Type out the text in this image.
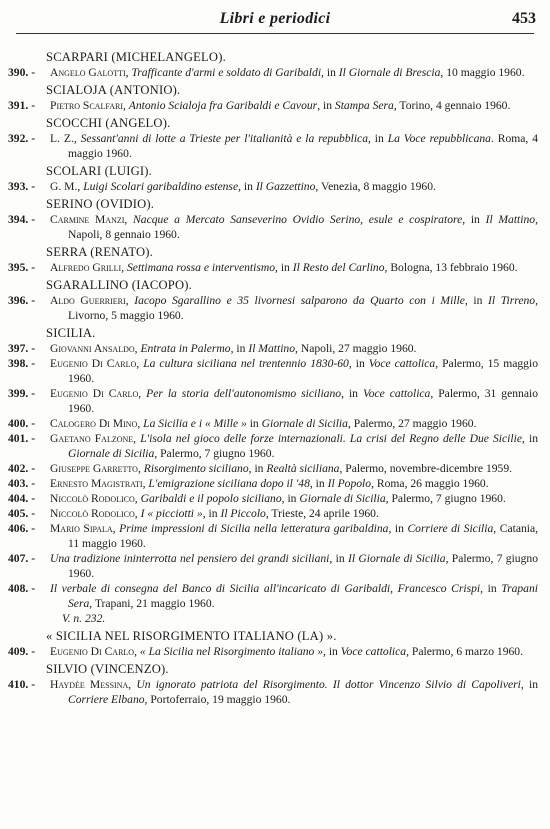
Libri e periodici	453
SCARPARI (MICHELANGELO).
390. - Angelo Galotti, Trafficante d'armi e soldato di Garibaldi, in Il Giornale di Brescia, 10 maggio 1960.
SCIALOJA (ANTONIO).
391. - Pietro Scalfari, Antonio Scialoja fra Garibaldi e Cavour, in Stampa Sera, Torino, 4 gennaio 1960.
SCOCCHI (ANGELO).
392. - L. Z., Sessant'anni di lotte a Trieste per l'italianità e la repubblica, in La Voce repubblicana. Roma, 4 maggio 1960.
SCOLARI (LUIGI).
393. - G. M., Luigi Scolari garibaldino estense, in Il Gazzettino, Venezia, 8 maggio 1960.
SERINO (OVIDIO).
394. - Carmine Manzi, Nacque a Mercato Sanseverino Ovidio Serino, esule e cospiratore, in Il Mattino, Napoli, 8 gennaio 1960.
SERRA (RENATO).
395. - Alfredo Grilli, Settimana rossa e interventismo, in Il Resto del Carlino, Bologna, 13 febbraio 1960.
SGARALLINO (IACOPO).
396. - Aldo Guerrieri, Iacopo Sgarallino e 35 livornesi salparono da Quarto con i Mille, in Il Tirreno, Livorno, 5 maggio 1960.
SICILIA.
397. - Giovanni Ansaldo, Entrata in Palermo, in Il Mattino, Napoli, 27 maggio 1960.
398. - Eugenio Di Carlo, La cultura siciliana nel trentennio 1830-60, in Voce cattolica, Palermo, 15 maggio 1960.
399. - Eugenio Di Carlo, Per la storia dell'autonomismo siciliano, in Voce cattolica, Palermo, 31 gennaio 1960.
400. - Calogero Di Mino, La Sicilia e i « Mille » in Giornale di Sicilia, Palermo, 27 maggio 1960.
401. - Gaetano Falzone, L'isola nel gioco delle forze internazionali. La crisi del Regno delle Due Sicilie, in Giornale di Sicilia, Palermo, 7 giugno 1960.
402. - Giuseppe Garretto, Risorgimento siciliano, in Realtà siciliana, Palermo, novembre-dicembre 1959.
403. - Ernesto Magistrati, L'emigrazione siciliana dopo il '48, in Il Popolo, Roma, 26 maggio 1960.
404. - Niccolò Rodolico, Garibaldi e il popolo siciliano, in Giornale di Sicilia, Palermo, 7 giugno 1960.
405. - Niccolò Rodolico, I « picciotti », in Il Piccolo, Trieste, 24 aprile 1960.
406. - Mario Sipala, Prime impressioni di Sicilia nella letteratura garibaldina, in Corriere di Sicilia, Catania, 11 maggio 1960.
407. - Una tradizione ininterrotta nel pensiero dei grandi siciliani, in Il Giornale di Sicilia, Palermo, 7 giugno 1960.
408. - Il verbale di consegna del Banco di Sicilia all'incaricato di Garibaldi, Francesco Crispi, in Trapani Sera, Trapani, 21 maggio 1960.
V. n. 232.
« SICILIA NEL RISORGIMENTO ITALIANO (LA) ».
409. - Eugenio Di Carlo, « La Sicilia nel Risorgimento italiano », in Voce cattolica, Palermo, 6 marzo 1960.
SILVIO (VINCENZO).
410. - Haydée Messina, Un ignorato patriota del Risorgimento. Il dottor Vincenzo Silvio di Capoliveri, in Corriere Elbano, Portoferraio, 19 maggio 1960.
